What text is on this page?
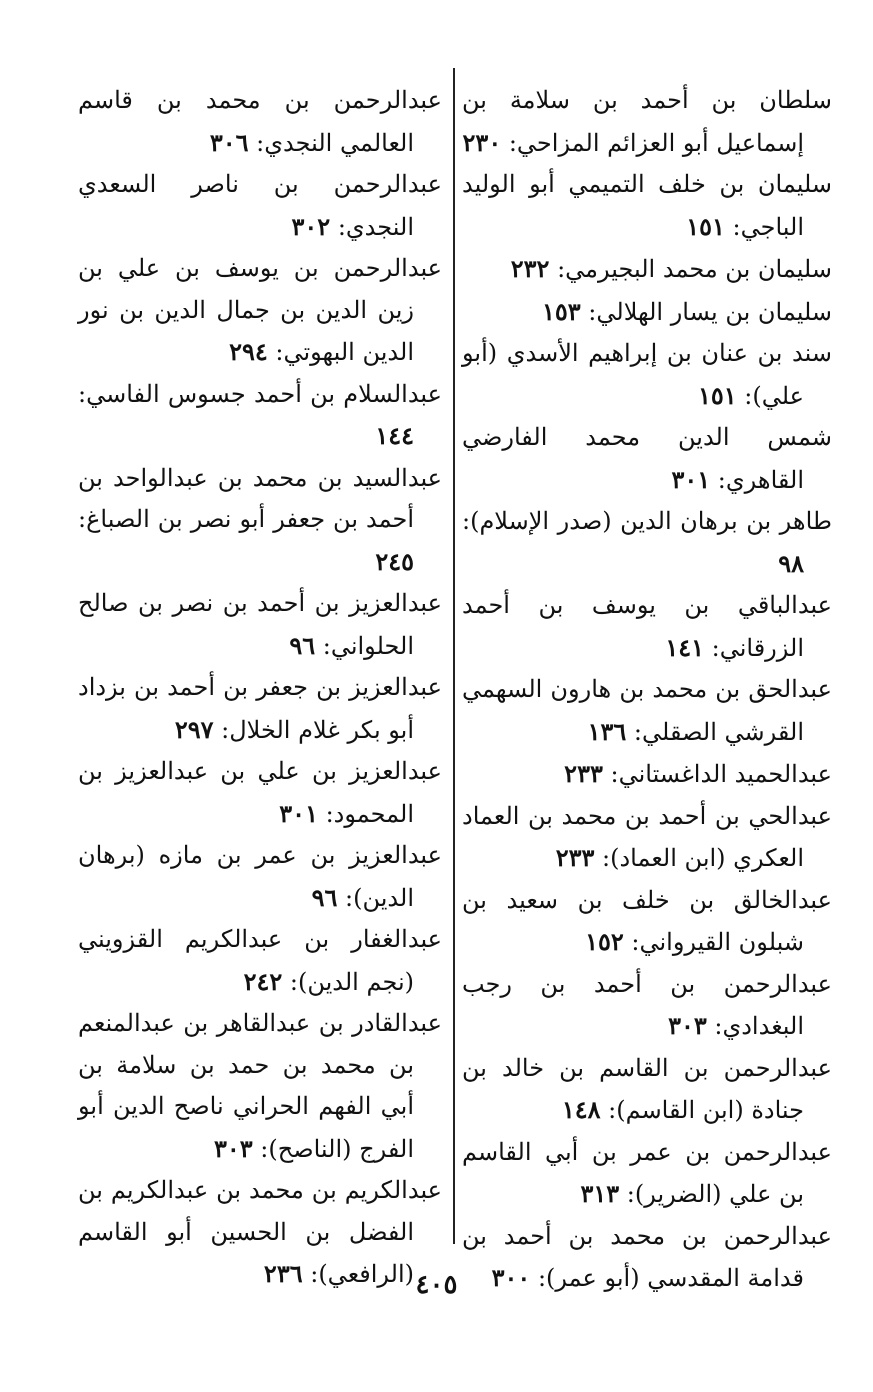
سلطان بن أحمد بن سلامة بن إسماعيل أبو العزائم المزاحي: ٢٣٠

سليمان بن خلف التميمي أبو الوليد الباجي: ١٥١

سليمان بن محمد البجيرمي: ٢٣٢

سليمان بن يسار الهلالي: ١٥٣

سند بن عنان بن إبراهيم الأسدي (أبو علي): ١٥١

شمس الدين محمد الفارضي القاهري: ٣٠١

طاهر بن برهان الدين (صدر الإسلام): ٩٨

عبدالباقي بن يوسف بن أحمد الزرقاني: ١٤١

عبدالحق بن محمد بن هارون السهمي القرشي الصقلي: ١٣٦

عبدالحميد الداغستاني: ٢٣٣

عبدالحي بن أحمد بن محمد بن العماد العكري (ابن العماد): ٢٣٣

عبدالخالق بن خلف بن سعيد بن شبلون القيرواني: ١٥٢

عبدالرحمن بن أحمد بن رجب البغدادي: ٣٠٣

عبدالرحمن بن القاسم بن خالد بن جنادة (ابن القاسم): ١٤٨

عبدالرحمن بن عمر بن أبي القاسم بن علي (الضرير): ٣١٣

عبدالرحمن بن محمد بن أحمد بن قدامة المقدسي (أبو عمر): ٣٠٠

عبدالرحمن بن محمد بن قاسم العالمي النجدي: ٣٠٦

عبدالرحمن بن ناصر السعدي النجدي: ٣٠٢

عبدالرحمن بن يوسف بن علي بن زين الدين بن جمال الدين بن نور الدين البهوتي: ٢٩٤

عبدالسلام بن أحمد جسوس الفاسي: ١٤٤

عبدالسيد بن محمد بن عبدالواحد بن أحمد بن جعفر أبو نصر بن الصباغ: ٢٤٥

عبدالعزيز بن أحمد بن نصر بن صالح الحلواني: ٩٦

عبدالعزيز بن جعفر بن أحمد بن بزداد أبو بكر غلام الخلال: ٢٩٧

عبدالعزيز بن علي بن عبدالعزيز بن المحمود: ٣٠١

عبدالعزيز بن عمر بن مازه (برهان الدين): ٩٦

عبدالغفار بن عبدالكريم القزويني (نجم الدين): ٢٤٢

عبدالقادر بن عبدالقاهر بن عبدالمنعم بن محمد بن حمد بن سلامة بن أبي الفهم الحراني ناصح الدين أبو الفرج (الناصح): ٣٠٣

عبدالكريم بن محمد بن عبدالكريم بن الفضل بن الحسين أبو القاسم (الرافعي): ٢٣٦	٤٠٥
